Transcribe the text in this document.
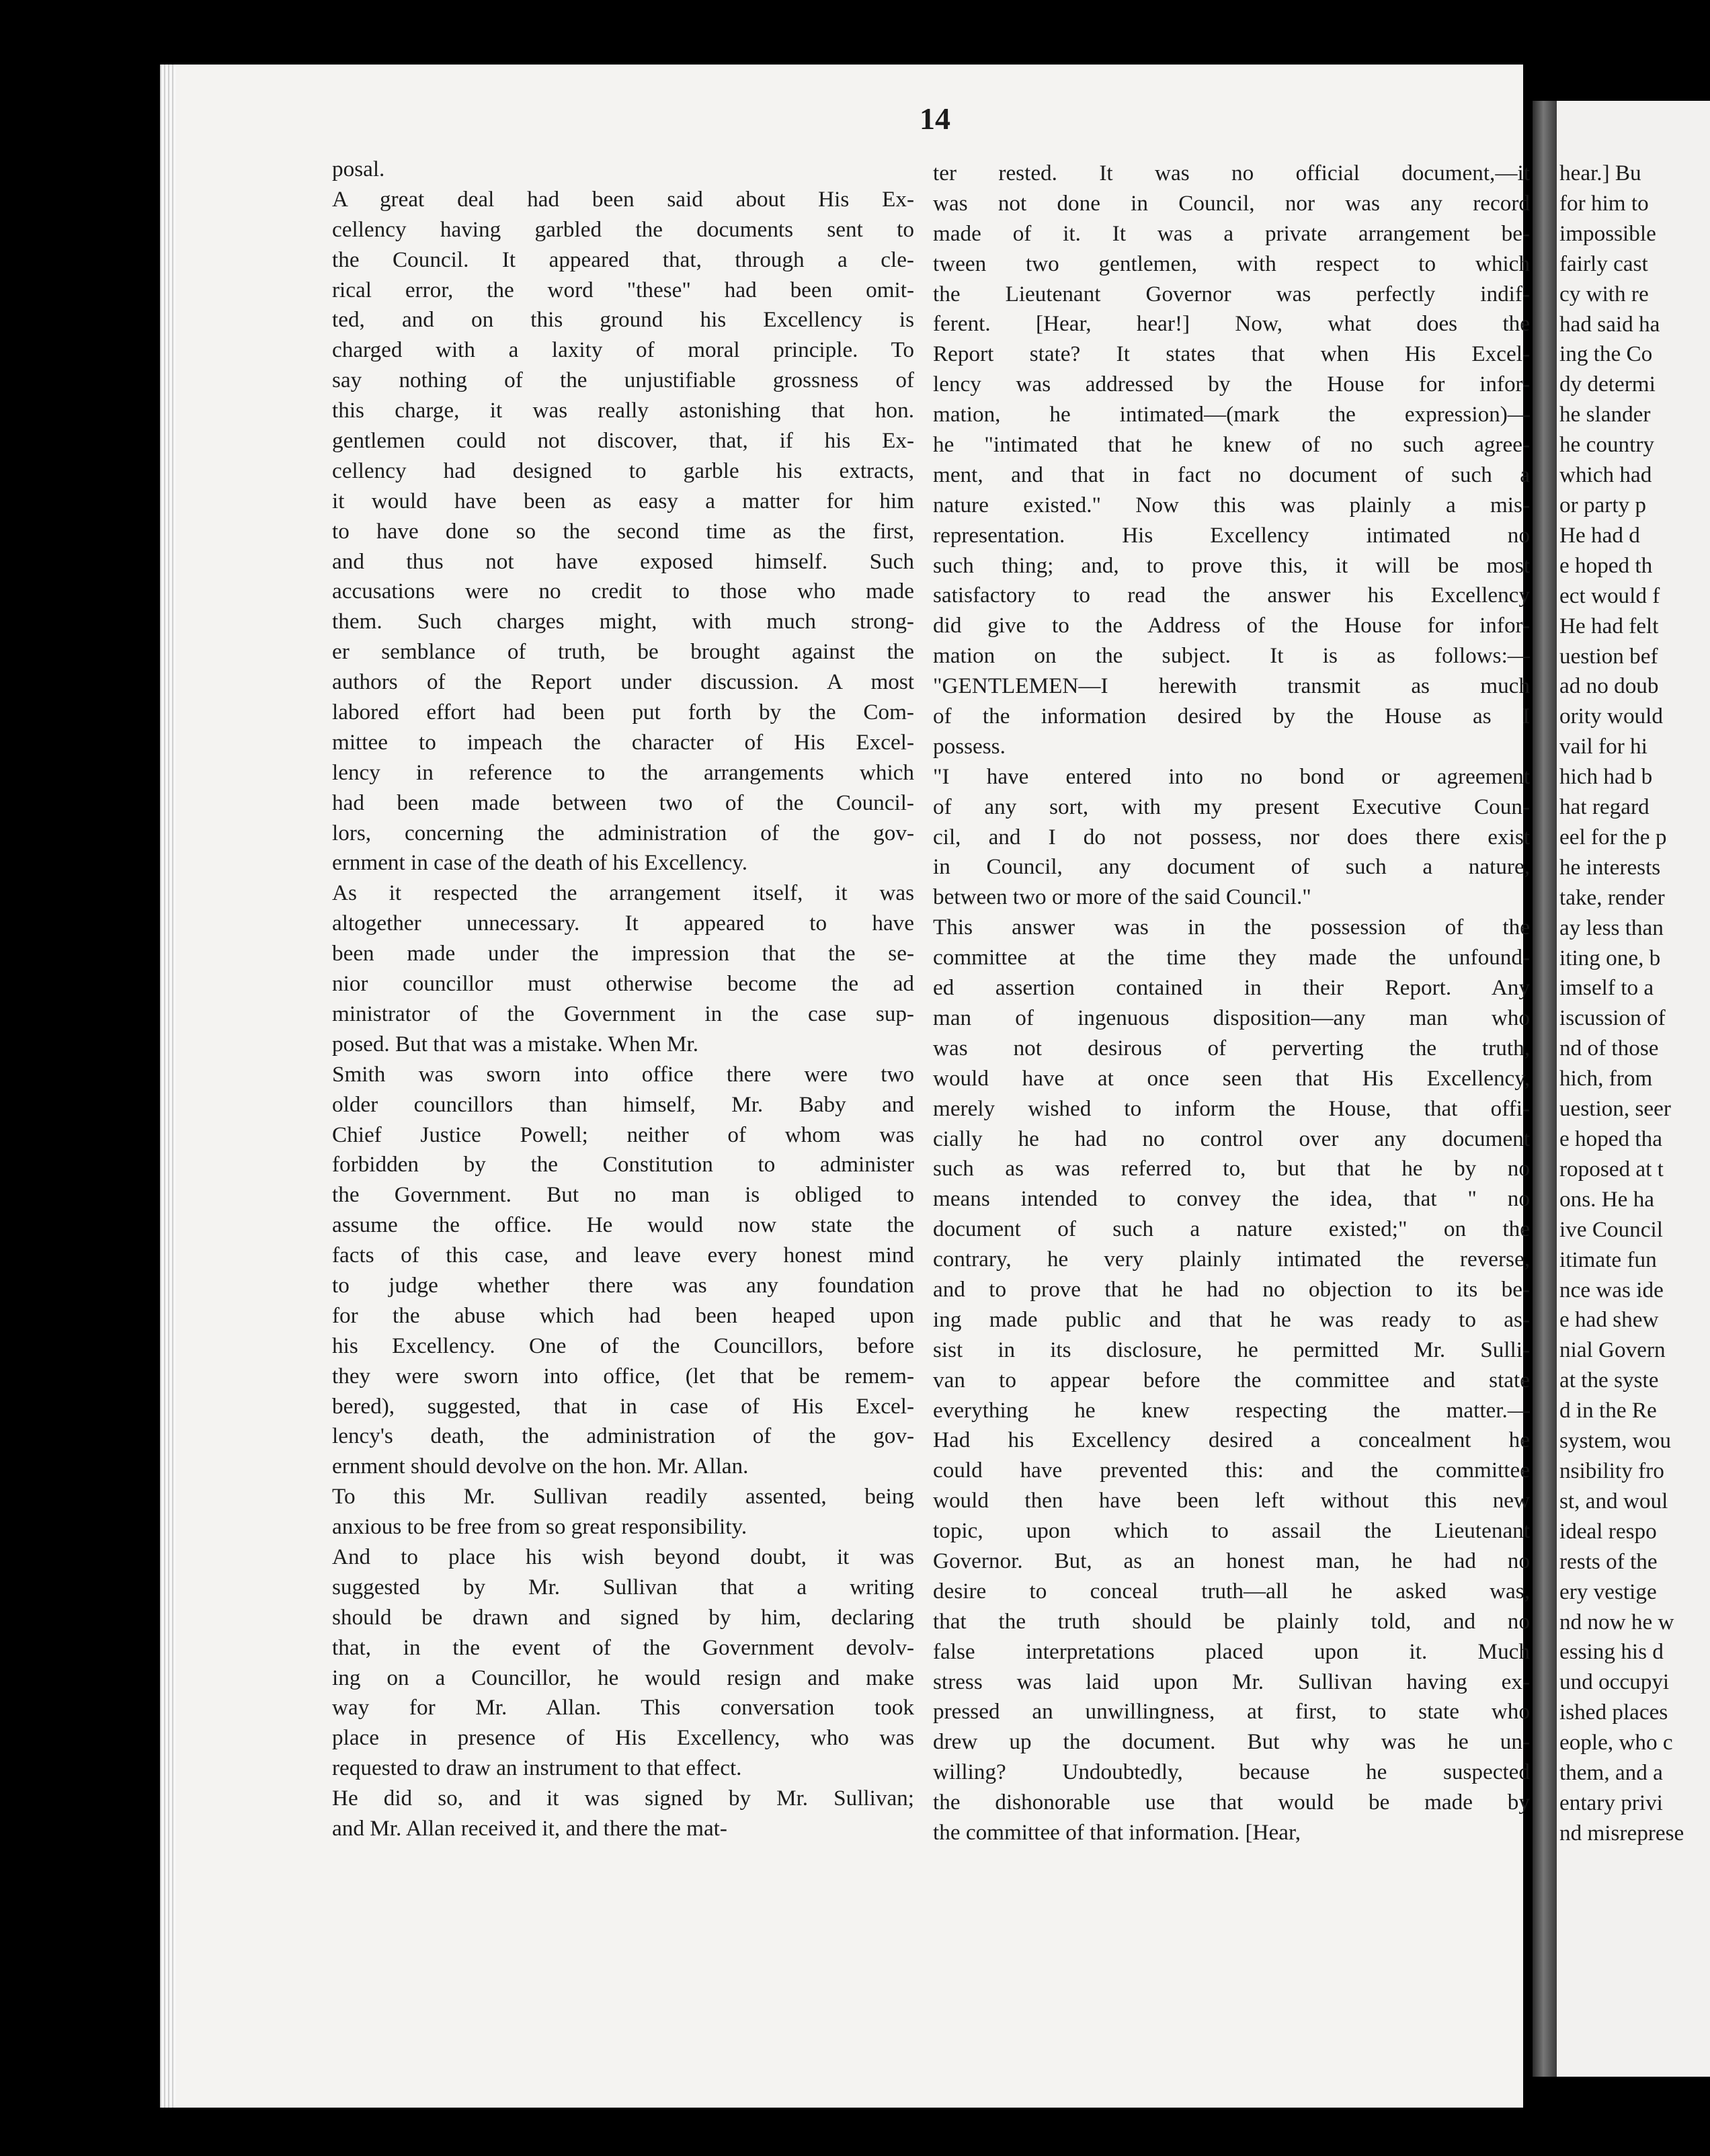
14
posal.
A great deal had been said about His Ex-
cellency having garbled the documents sent to
the Council. It appeared that, through a cle-
rical error, the word "these" had been omit-
ted, and on this ground his Excellency is
charged with a laxity of moral principle. To
say nothing of the unjustifiable grossness of
this charge, it was really astonishing that hon.
gentlemen could not discover, that, if his Ex-
cellency had designed to garble his extracts,
it would have been as easy a matter for him
to have done so the second time as the first,
and thus not have exposed himself. Such
accusations were no credit to those who made
them. Such charges might, with much strong-
er semblance of truth, be brought against the
authors of the Report under discussion. A most
labored effort had been put forth by the Com-
mittee to impeach the character of His Excel-
lency in reference to the arrangements which
had been made between two of the Council-
lors, concerning the administration of the gov-
ernment in case of the death of his Excellency.
As it respected the arrangement itself, it was
altogether unnecessary. It appeared to have
been made under the impression that the se-
nior councillor must otherwise become the ad
ministrator of the Government in the case sup-
posed. But that was a mistake. When Mr.
Smith was sworn into office there were two
older councillors than himself, Mr. Baby and
Chief Justice Powell; neither of whom was
forbidden by the Constitution to administer
the Government. But no man is obliged to
assume the office. He would now state the
facts of this case, and leave every honest mind
to judge whether there was any foundation
for the abuse which had been heaped upon
his Excellency. One of the Councillors, before
they were sworn into office, (let that be remem-
bered), suggested, that in case of His Excel-
lency's death, the administration of the gov-
ernment should devolve on the hon. Mr. Allan.
To this Mr. Sullivan readily assented, being
anxious to be free from so great responsibility.
And to place his wish beyond doubt, it was
suggested by Mr. Sullivan that a writing
should be drawn and signed by him, declaring
that, in the event of the Government devolv-
ing on a Councillor, he would resign and make
way for Mr. Allan. This conversation took
place in presence of His Excellency, who was
requested to draw an instrument to that effect.
He did so, and it was signed by Mr. Sullivan;
and Mr. Allan received it, and there the mat-
ter rested. It was no official document,—it
was not done in Council, nor was any record
made of it. It was a private arrangement be-
tween two gentlemen, with respect to which
the Lieutenant Governor was perfectly indif-
ferent. [Hear, hear!] Now, what does the
Report state? It states that when His Excel-
lency was addressed by the House for infor-
mation, he intimated—(mark the expression)—
he "intimated that he knew of no such agree-
ment, and that in fact no document of such a
nature existed." Now this was plainly a mis-
representation. His Excellency intimated no
such thing; and, to prove this, it will be most
satisfactory to read the answer his Excellency
did give to the Address of the House for infor-
mation on the subject. It is as follows:—
"GENTLEMEN—I herewith transmit as much
of the information desired by the House as I
possess.
"I have entered into no bond or agreement
of any sort, with my present Executive Coun-
cil, and I do not possess, nor does there exist
in Council, any document of such a nature,
between two or more of the said Council."
This answer was in the possession of the
committee at the time they made the unfound-
ed assertion contained in their Report. Any
man of ingenuous disposition—any man who
was not desirous of perverting the truth,
would have at once seen that His Excellency,
merely wished to inform the House, that offi-
cially he had no control over any document
such as was referred to, but that he by no
means intended to convey the idea, that " no
document of such a nature existed;" on the
contrary, he very plainly intimated the reverse,
and to prove that he had no objection to its be-
ing made public and that he was ready to as-
sist in its disclosure, he permitted Mr. Sulli-
van to appear before the committee and state
everything he knew respecting the matter.—
Had his Excellency desired a concealment he
could have prevented this: and the committee
would then have been left without this new
topic, upon which to assail the Lieutenant
Governor. But, as an honest man, he had no
desire to conceal truth—all he asked was,
that the truth should be plainly told, and no
false interpretations placed upon it. Much
stress was laid upon Mr. Sullivan having ex-
pressed an unwillingness, at first, to state who
drew up the document. But why was he un-
willing? Undoubtedly, because he suspected
the dishonorable use that would be made by
the committee of that information. [Hear,
hear.] Bu
for him to
impossible
fairly cast
cy with re
had said ha
ing the Co
dy determi
he slander
he country
which had
or party p
He had d
e hoped th
ect would f
He had felt
uestion bef
ad no doub
ority would
vail for hi
hich had b
hat regard
eel for the p
he interests
take, render
ay less than
iting one, b
imself to a
iscussion of
nd of those
hich, from
uestion, seer
e hoped tha
roposed at t
ons. He ha
ive Council
itimate fun
nce was ide
e had shew
nial Govern
at the syste
d in the Re
system, wou
nsibility fro
st, and woul
ideal respo
rests of the
ery vestige
nd now he w
essing his d
und occupyi
ished places
eople, who c
them, and a
entary privi
nd misreprese
